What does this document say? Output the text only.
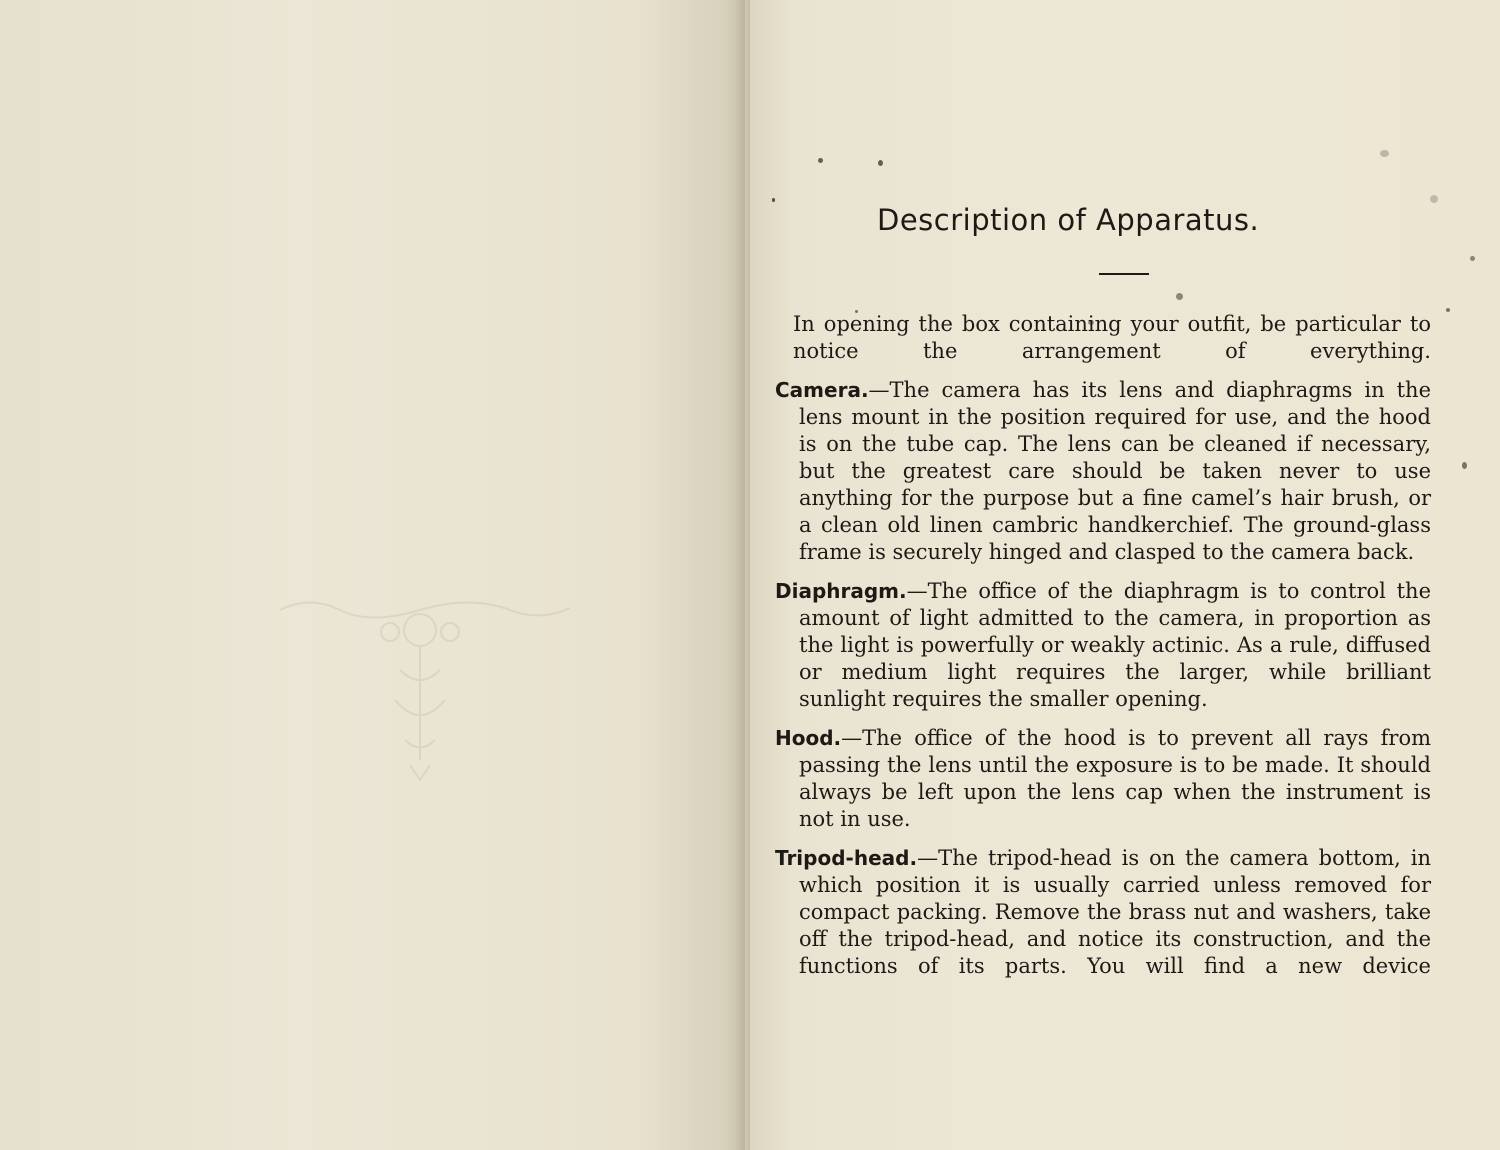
Description of Apparatus.

In opening the box containing your outfit, be particular to notice the arrangement of everything.

Camera.—The camera has its lens and diaphragms in the lens mount in the position required for use, and the hood is on the tube cap. The lens can be cleaned if necessary, but the greatest care should be taken never to use anything for the purpose but a fine camel’s hair brush, or a clean old linen cambric handkerchief. The ground-glass frame is securely hinged and clasped to the camera back.

Diaphragm.—The office of the diaphragm is to control the amount of light admitted to the camera, in proportion as the light is powerfully or weakly actinic. As a rule, diffused or medium light requires the larger, while brilliant sunlight requires the smaller opening.

Hood.—The office of the hood is to prevent all rays from passing the lens until the exposure is to be made. It should always be left upon the lens cap when the instrument is not in use.

Tripod-head.—The tripod-head is on the camera bottom, in which position it is usually carried unless removed for compact packing. Remove the brass nut and washers, take off the tripod-head, and notice its construction, and the functions of its parts. You will find a new device
